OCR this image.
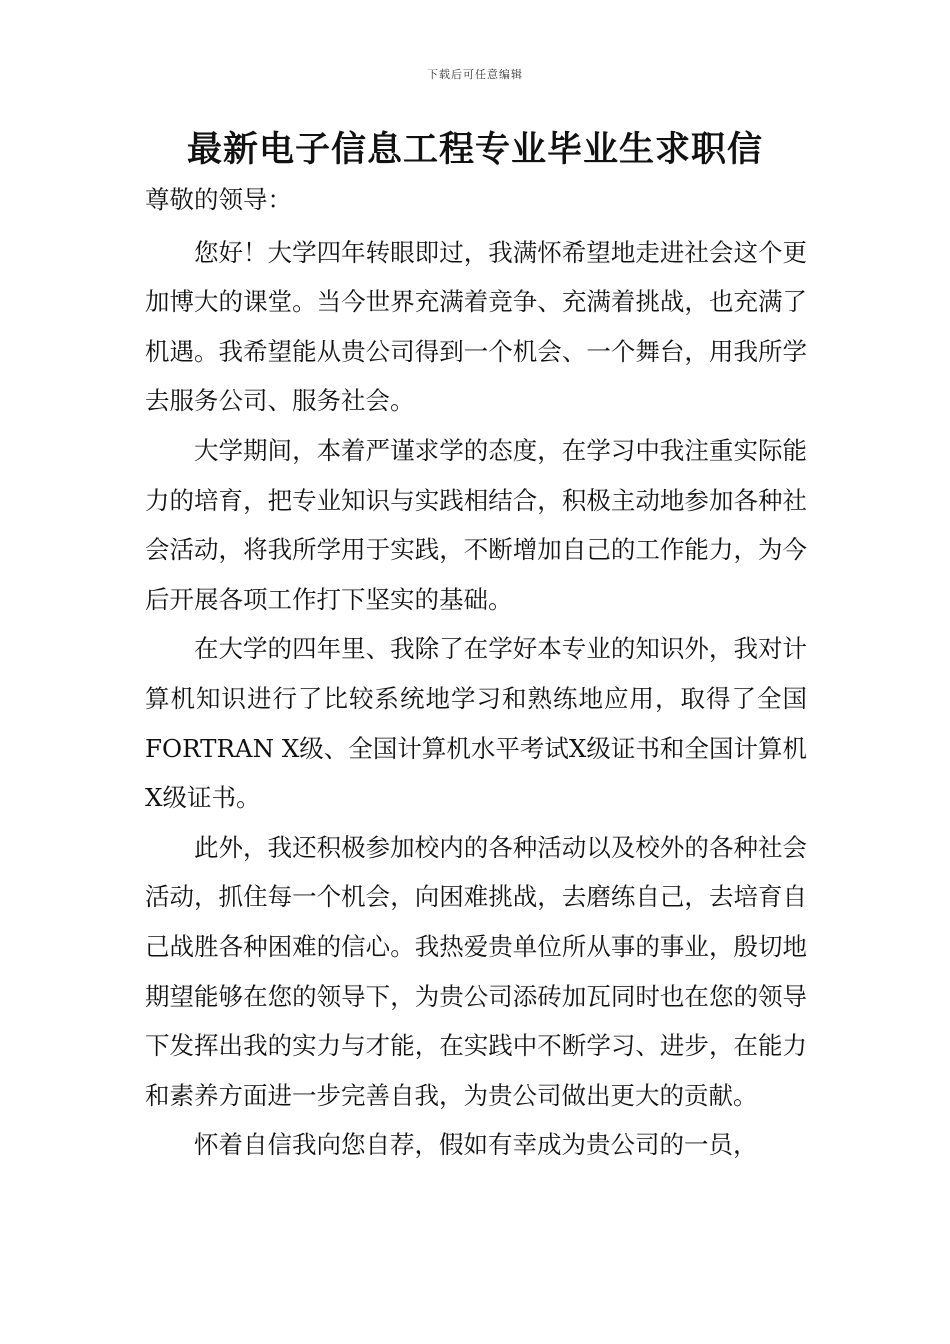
下载后可任意编辑
最新电子信息工程专业毕业生求职信

尊敬的领导：

您好！大学四年转眼即过，我满怀希望地走进社会这个更加博大的课堂。当今世界充满着竞争、充满着挑战，也充满了机遇。我希望能从贵公司得到一个机会、一个舞台，用我所学去服务公司、服务社会。

大学期间，本着严谨求学的态度，在学习中我注重实际能力的培育，把专业知识与实践相结合，积极主动地参加各种社会活动，将我所学用于实践，不断增加自己的工作能力，为今后开展各项工作打下坚实的基础。

在大学的四年里、我除了在学好本专业的知识外，我对计算机知识进行了比较系统地学习和熟练地应用，取得了全国FORTRAN X级、全国计算机水平考试X级证书和全国计算机X级证书。

此外，我还积极参加校内的各种活动以及校外的各种社会活动，抓住每一个机会，向困难挑战，去磨练自己，去培育自己战胜各种困难的信心。我热爱贵单位所从事的事业，殷切地期望能够在您的领导下，为贵公司添砖加瓦同时也在您的领导下发挥出我的实力与才能，在实践中不断学习、进步，在能力和素养方面进一步完善自我，为贵公司做出更大的贡献。

怀着自信我向您自荐，假如有幸成为贵公司的一员，
